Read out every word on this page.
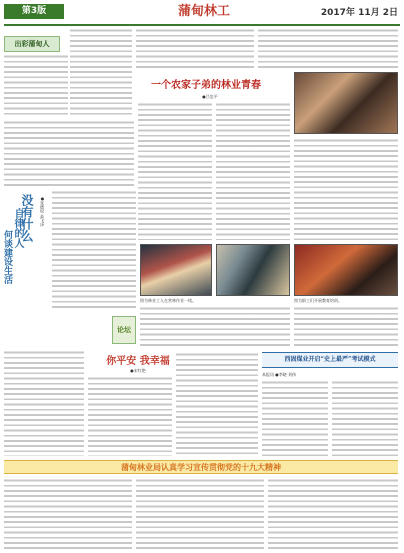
第3版	蒲甸林工	2017年 11月 2日
出彩蒲甸人
一个农家子弟的林业青春
●吕忠平
没有什么
自律的人
何谈建设生活
●张德权 高飞泽
论坛
图为林业工人在营林作业一线。	图为职工们开展教育培训。
西固煤业开启“史上最严”考试模式
本报讯 ●李晓 刘伟
你平安 我幸福
●宋红艳
蒲甸林业局认真学习宣传贯彻党的十九大精神
